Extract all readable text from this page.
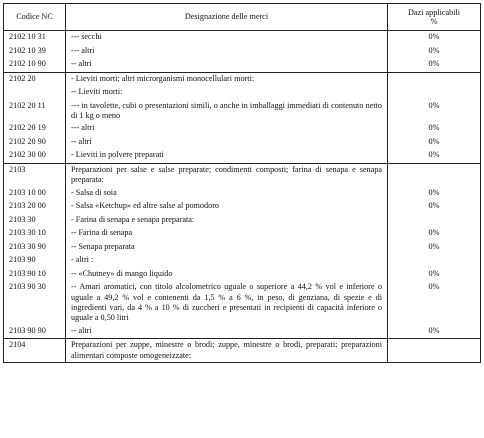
Codice NC	Designazione delle merci	Dazi applicabili
%
2102 10 31	--- secchi	0%
2102 10 39	--- altri	0%
2102 10 90	-- altri	0%
2102 20	- Lieviti morti; altri microrganismi monocellulari morti:	
	-- Lieviti morti:	
2102 20 11	--- in tavolette, cubi o presentazioni simili, o anche in imballaggi immediati di contenuto netto di 1 kg o meno	0%
2102 20 19	--- altri	0%
2102 20 90	-- altri	0%
2102 30 00	- Lieviti in polvere preparati	0%
2103	Preparazioni per salse e salse preparate; condimenti composti; farina di senapa e senapa preparata:	
2103 10 00	- Salsa di soia	0%
2103 20 00	- Salsa «Ketchup» ed altre salse al pomodoro	0%
2103 30	- Farina di senapa e senapa preparata:	
2103 30 10	-- Farina di senapa	0%
2103 30 90	-- Senapa preparata	0%
2103 90	- altri :	
2103 90 10	-- «Chutney» di mango liquido	0%
2103 90 30	-- Amari aromatici, con titolo alcolometrico uguale o superiore a 44,2 % vol e inferiore o uguale a 49,2 % vol e contenenti da 1,5 % a 6 %, in peso, di genziana, di spezie e di ingredienti vari, da 4 % a 10 % di zuccheri e presentati in recipienti di capacità inferiore o uguale a 0,50 litri	0%
2103 90 90	-- altri	0%
2104	Preparazioni per zuppe, minestre o brodi; zuppe, minestre o brodi, preparati; preparazioni alimentari composte omogeneizzate:	
